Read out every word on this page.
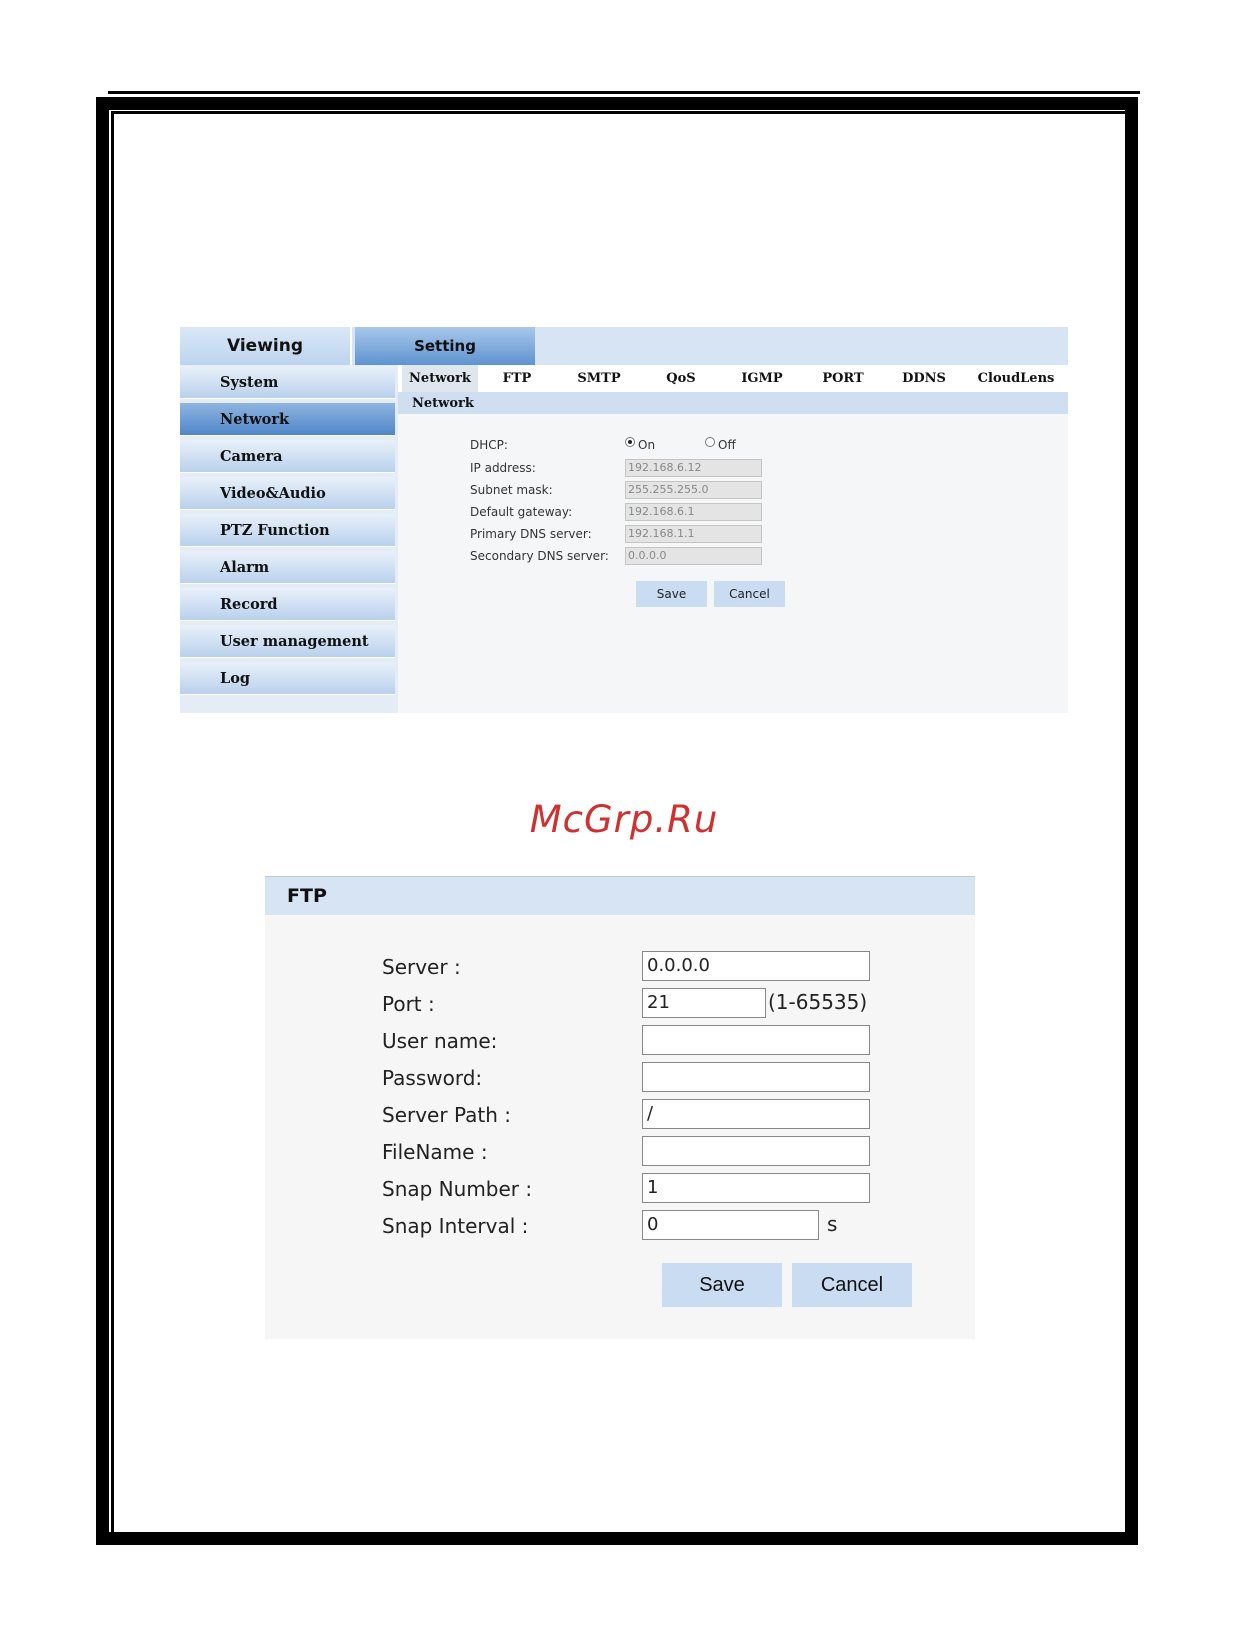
Viewing	Setting
System
Network
Camera
Video&Audio
PTZ Function
Alarm
Record
User management
Log
Network	FTP	SMTP	QoS	IGMP	PORT	DDNS	CloudLens
Network
DHCP:	On	Off
IP address:	192.168.6.12
Subnet mask:	255.255.255.0
Default gateway:	192.168.6.1
Primary DNS server:	192.168.1.1
Secondary DNS server: 0.0.0.0
Save	Cancel
McGrp.Ru
FTP
Server :	0.0.0.0
Port :	21	(1-65535)
User name:
Password:
Server Path :	/
FileName :
Snap Number :	1
Snap Interval :	0	s
Save	Cancel
